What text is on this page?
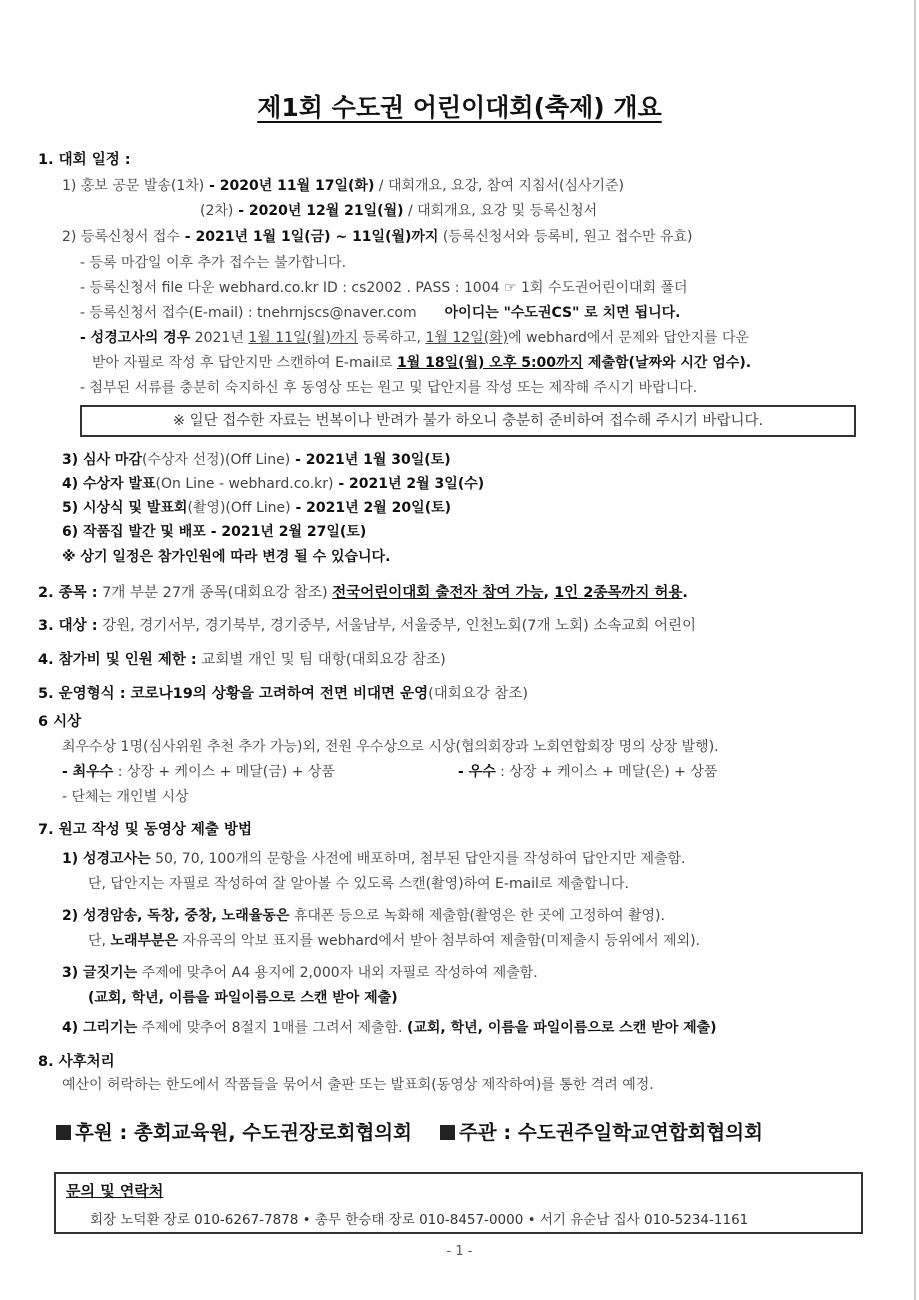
제1회 수도권 어린이대회(축제) 개요
1. 대회 일정 :
1) 홍보 공문 발송(1차) - 2020년 11월 17일(화) / 대회개요, 요강, 참여 지침서(심사기준)
(2차) - 2020년 12월 21일(월) / 대회개요, 요강 및 등록신청서
2) 등록신청서 접수 - 2021년 1월 1일(금) ~ 11일(월)까지 (등록신청서와 등록비, 원고 접수만 유효)
- 등록 마감일 이후 추가 접수는 불가합니다.
- 등록신청서 file 다운 webhard.co.kr ID : cs2002 . PASS : 1004 ☞ 1회 수도권어린이대회 폴더
- 등록신청서 접수(E-mail) : tnehrnjscs@naver.com 아이디는 "수도권CS" 로 치면 됩니다.
- 성경고사의 경우 2021년 1월 11일(월)까지 등록하고, 1월 12일(화)에 webhard에서 문제와 답안지를 다운
받아 자필로 작성 후 답안지만 스캔하여 E-mail로 1월 18일(월) 오후 5:00까지 제출함(날짜와 시간 엄수).
- 첨부된 서류를 충분히 숙지하신 후 동영상 또는 원고 및 답안지를 작성 또는 제작해 주시기 바랍니다.
※ 일단 접수한 자료는 번복이나 반려가 불가 하오니 충분히 준비하여 접수해 주시기 바랍니다.
3) 심사 마감(수상자 선정)(Off Line) - 2021년 1월 30일(토)
4) 수상자 발표(On Line - webhard.co.kr) - 2021년 2월 3일(수)
5) 시상식 및 발표회(촬영)(Off Line) - 2021년 2월 20일(토)
6) 작품집 발간 및 배포 - 2021년 2월 27일(토)
※ 상기 일정은 참가인원에 따라 변경 될 수 있습니다.
2. 종목 : 7개 부분 27개 종목(대회요강 참조) 전국어린이대회 출전자 참여 가능, 1인 2종목까지 허용.
3. 대상 : 강원, 경기서부, 경기북부, 경기중부, 서울남부, 서울중부, 인천노회(7개 노회) 소속교회 어린이
4. 참가비 및 인원 제한 : 교회별 개인 및 팀 대항(대회요강 참조)
5. 운영형식 : 코로나19의 상황을 고려하여 전면 비대면 운영(대회요강 참조)
6 시상
최우수상 1명(심사위원 추천 추가 가능)외, 전원 우수상으로 시상(협의회장과 노회연합회장 명의 상장 발행).
- 최우수 : 상장 + 케이스 + 메달(금) + 상품	- 우수 : 상장 + 케이스 + 메달(은) + 상품
- 단체는 개인별 시상
7. 원고 작성 및 동영상 제출 방법
1) 성경고사는 50, 70, 100개의 문항을 사전에 배포하며, 첨부된 답안지를 작성하여 답안지만 제출함.
단, 답안지는 자필로 작성하여 잘 알아볼 수 있도록 스캔(촬영)하여 E-mail로 제출합니다.
2) 성경암송, 독창, 중창, 노래율동은 휴대폰 등으로 녹화해 제출함(촬영은 한 곳에 고정하여 촬영).
단, 노래부분은 자유곡의 악보 표지를 webhard에서 받아 첨부하여 제출함(미제출시 등위에서 제외).
3) 글짓기는 주제에 맞추어 A4 용지에 2,000자 내외 자필로 작성하여 제출함.
(교회, 학년, 이름을 파일이름으로 스캔 받아 제출)
4) 그리기는 주제에 맞추어 8절지 1매를 그려서 제출함. (교회, 학년, 이름을 파일이름으로 스캔 받아 제출)
8. 사후처리
예산이 허락하는 한도에서 작품들을 묶어서 출판 또는 발표회(동영상 제작하여)를 통한 격려 예정.
후원 : 총회교육원, 수도권장로회협의회 주관 : 수도권주일학교연합회협의회
문의 및 연락처
회장 노덕환 장로 010-6267-7878 • 총무 한승태 장로 010-8457-0000 • 서기 유순남 집사 010-5234-1161
- 1 -
